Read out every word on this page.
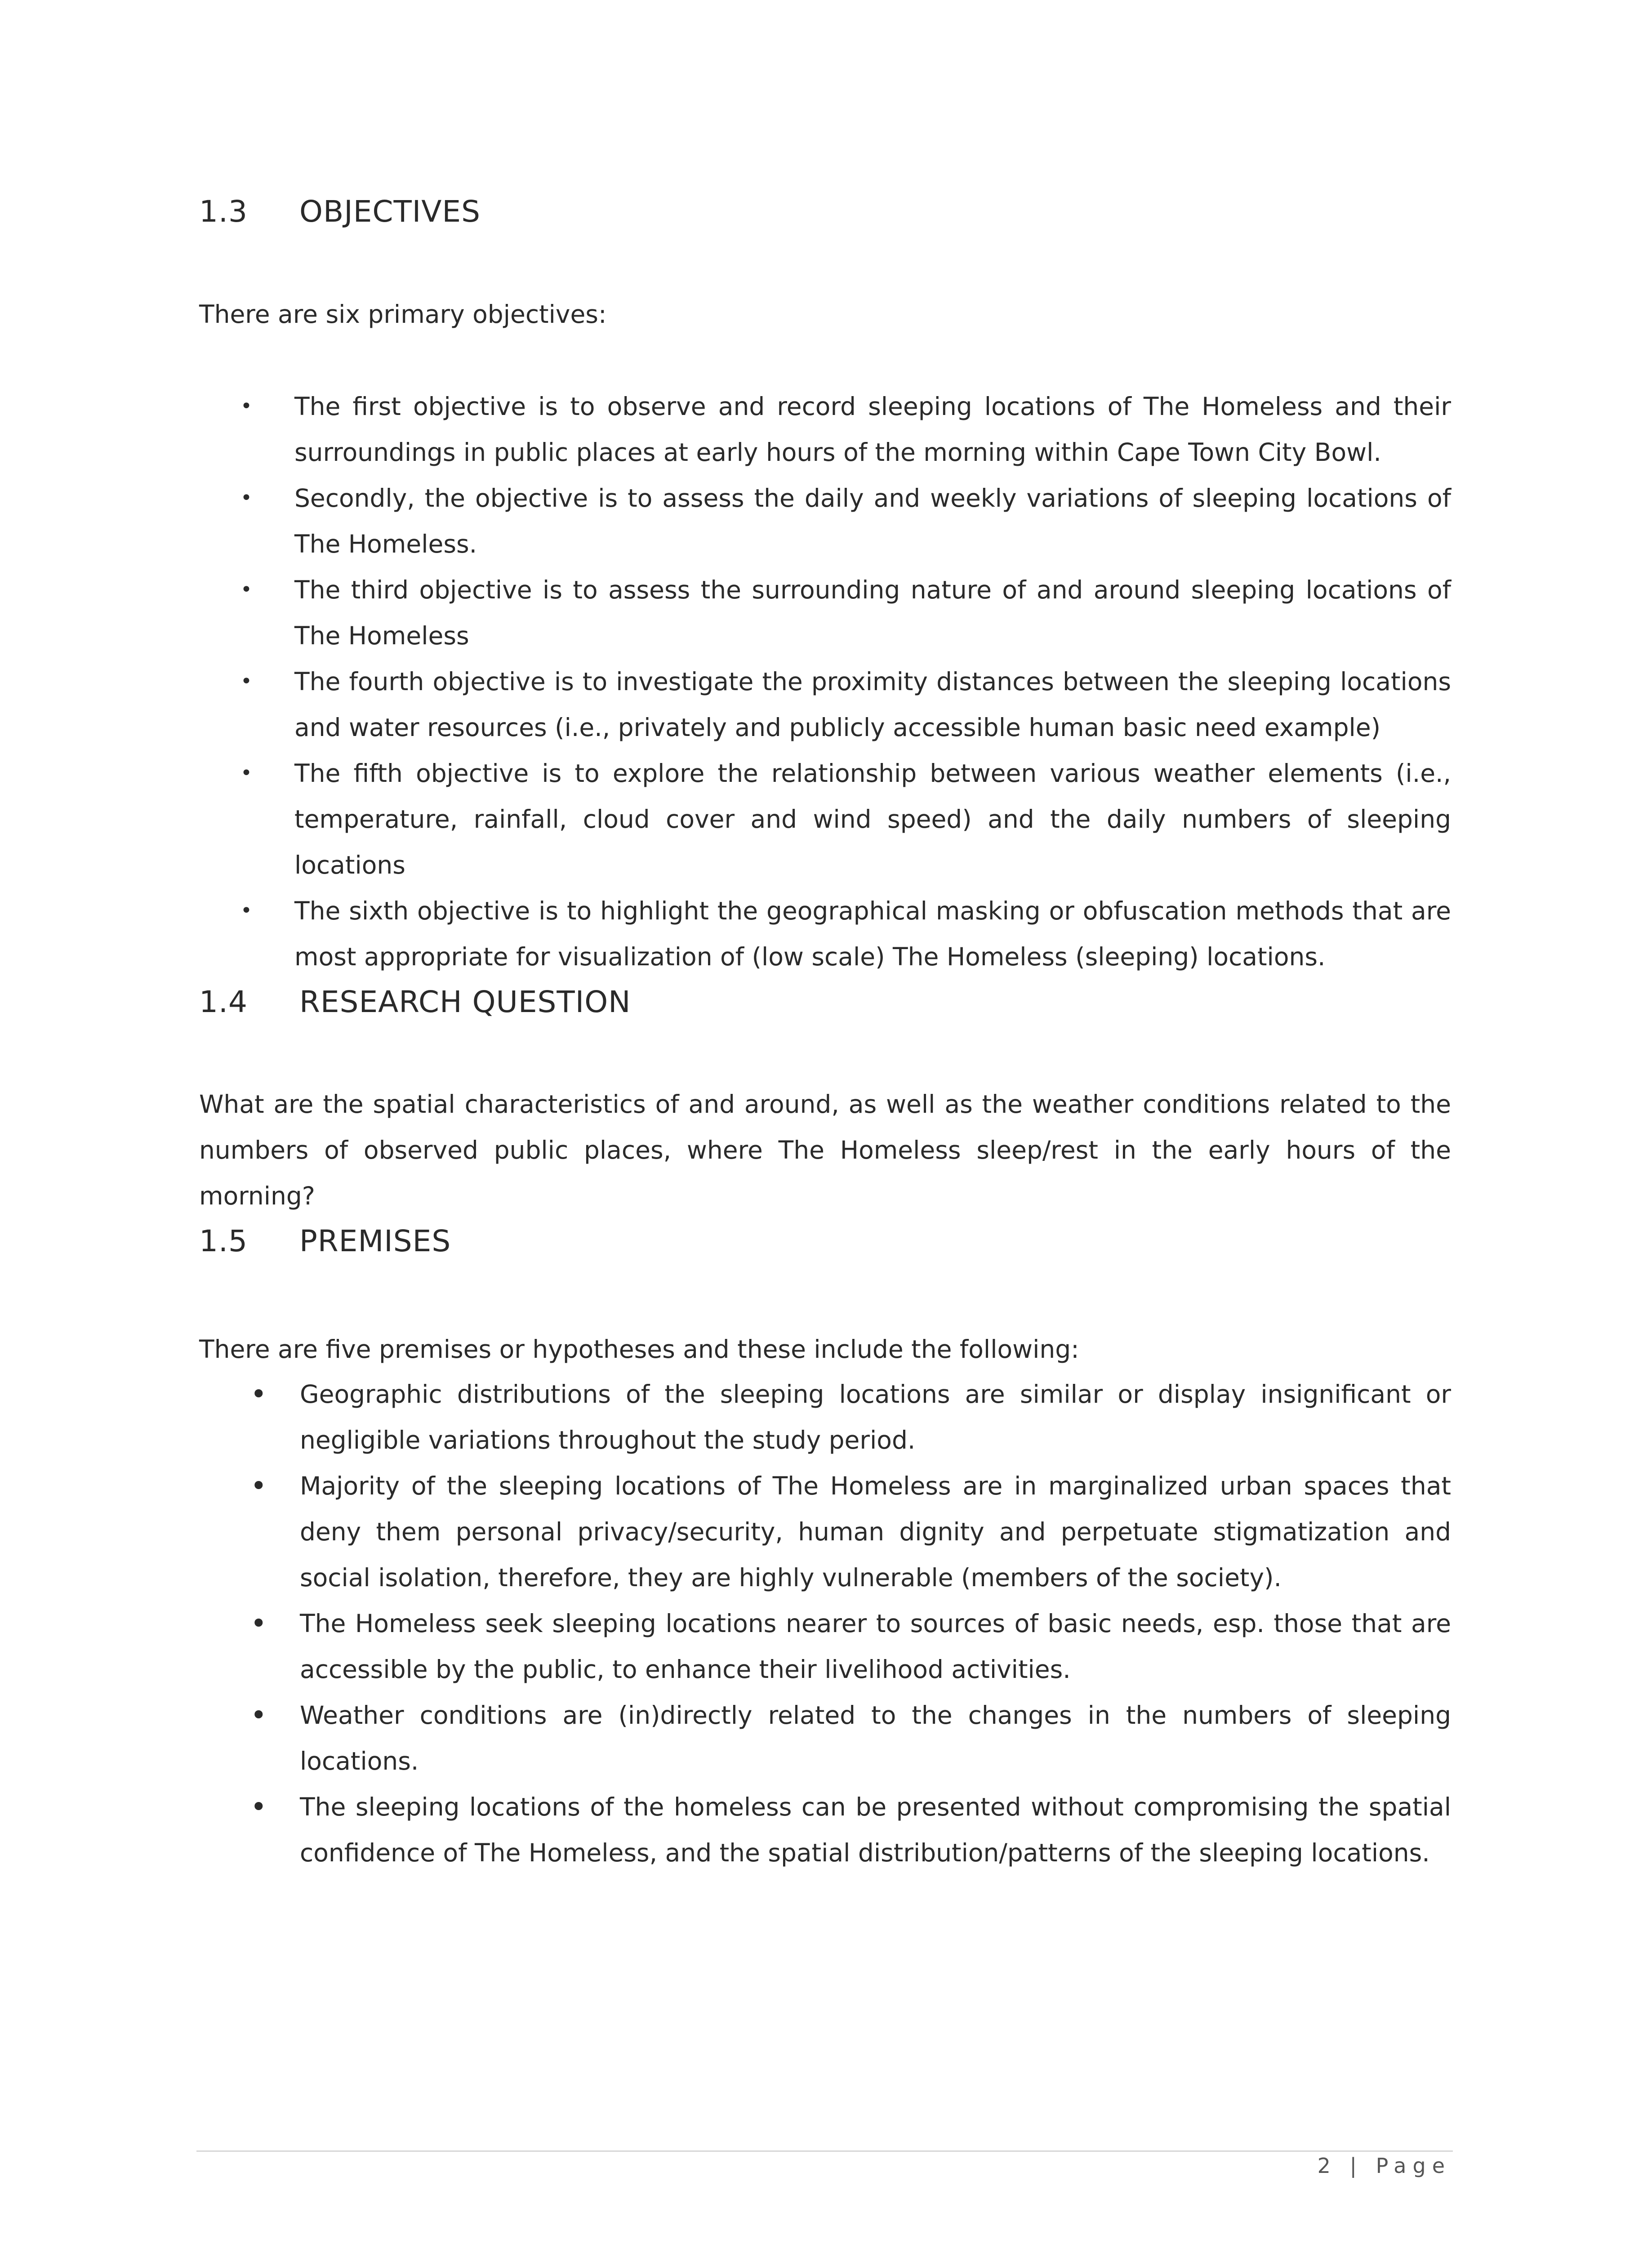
1.3 OBJECTIVES

There are six primary objectives:

• The first objective is to observe and record sleeping locations of The Homeless and their surroundings in public places at early hours of the morning within Cape Town City Bowl.
• Secondly, the objective is to assess the daily and weekly variations of sleeping locations of The Homeless.
• The third objective is to assess the surrounding nature of and around sleeping locations of The Homeless
• The fourth objective is to investigate the proximity distances between the sleeping locations and water resources (i.e., privately and publicly accessible human basic need example)
• The fifth objective is to explore the relationship between various weather elements (i.e., temperature, rainfall, cloud cover and wind speed) and the daily numbers of sleeping locations
• The sixth objective is to highlight the geographical masking or obfuscation methods that are most appropriate for visualization of (low scale) The Homeless (sleeping) locations.
1.4 RESEARCH QUESTION

What are the spatial characteristics of and around, as well as the weather conditions related to the numbers of observed public places, where The Homeless sleep/rest in the early hours of the morning?

1.5 PREMISES

There are five premises or hypotheses and these include the following:

• Geographic distributions of the sleeping locations are similar or display insignificant or negligible variations throughout the study period.
• Majority of the sleeping locations of The Homeless are in marginalized urban spaces that deny them personal privacy/security, human dignity and perpetuate stigmatization and social isolation, therefore, they are highly vulnerable (members of the society).
• The Homeless seek sleeping locations nearer to sources of basic needs, esp. those that are accessible by the public, to enhance their livelihood activities.
• Weather conditions are (in)directly related to the changes in the numbers of sleeping locations.
• The sleeping locations of the homeless can be presented without compromising the spatial confidence of The Homeless, and the spatial distribution/patterns of the sleeping locations.
2 | Page
